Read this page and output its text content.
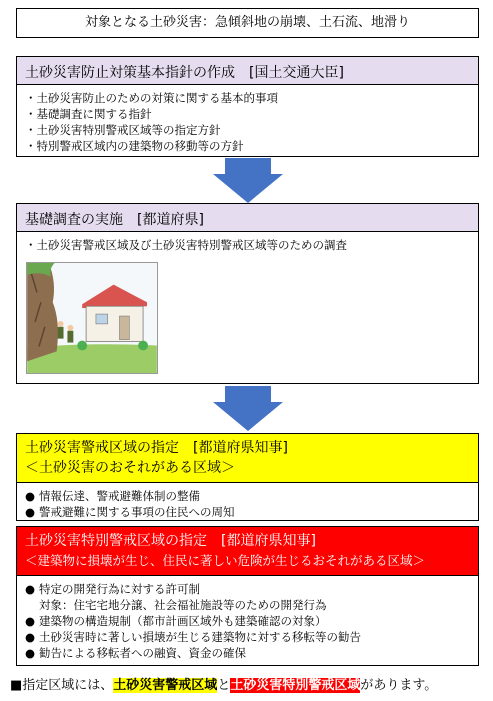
対象となる土砂災害：急傾斜地の崩壊、土石流、地滑り
土砂災害防止対策基本指針の作成　[国土交通大臣]
・土砂災害防止のための対策に関する基本的事項
・基礎調査に関する指針
・土砂災害特別警戒区域等の指定方針
・特別警戒区域内の建築物の移動等の方針
基礎調査の実施　[都道府県]
・土砂災害警戒区域及び土砂災害特別警戒区域等のための調査
土砂災害警戒区域の指定　[都道府県知事]
＜土砂災害のおそれがある区域＞
● 情報伝達、警戒避難体制の整備
● 警戒避難に関する事項の住民への周知
土砂災害特別警戒区域の指定　[都道府県知事]
＜建築物に損壊が生じ、住民に著しい危険が生じるおそれがある区域＞
● 特定の開発行為に対する許可制
対象：住宅宅地分譲、社会福祉施設等のための開発行為
● 建築物の構造規制（都市計画区域外も建築確認の対象）
● 土砂災害時に著しい損壊が生じる建築物に対する移転等の勧告
● 勧告による移転者への融資、資金の確保
■指定区域には、土砂災害警戒区域と土砂災害特別警戒区域があります。
